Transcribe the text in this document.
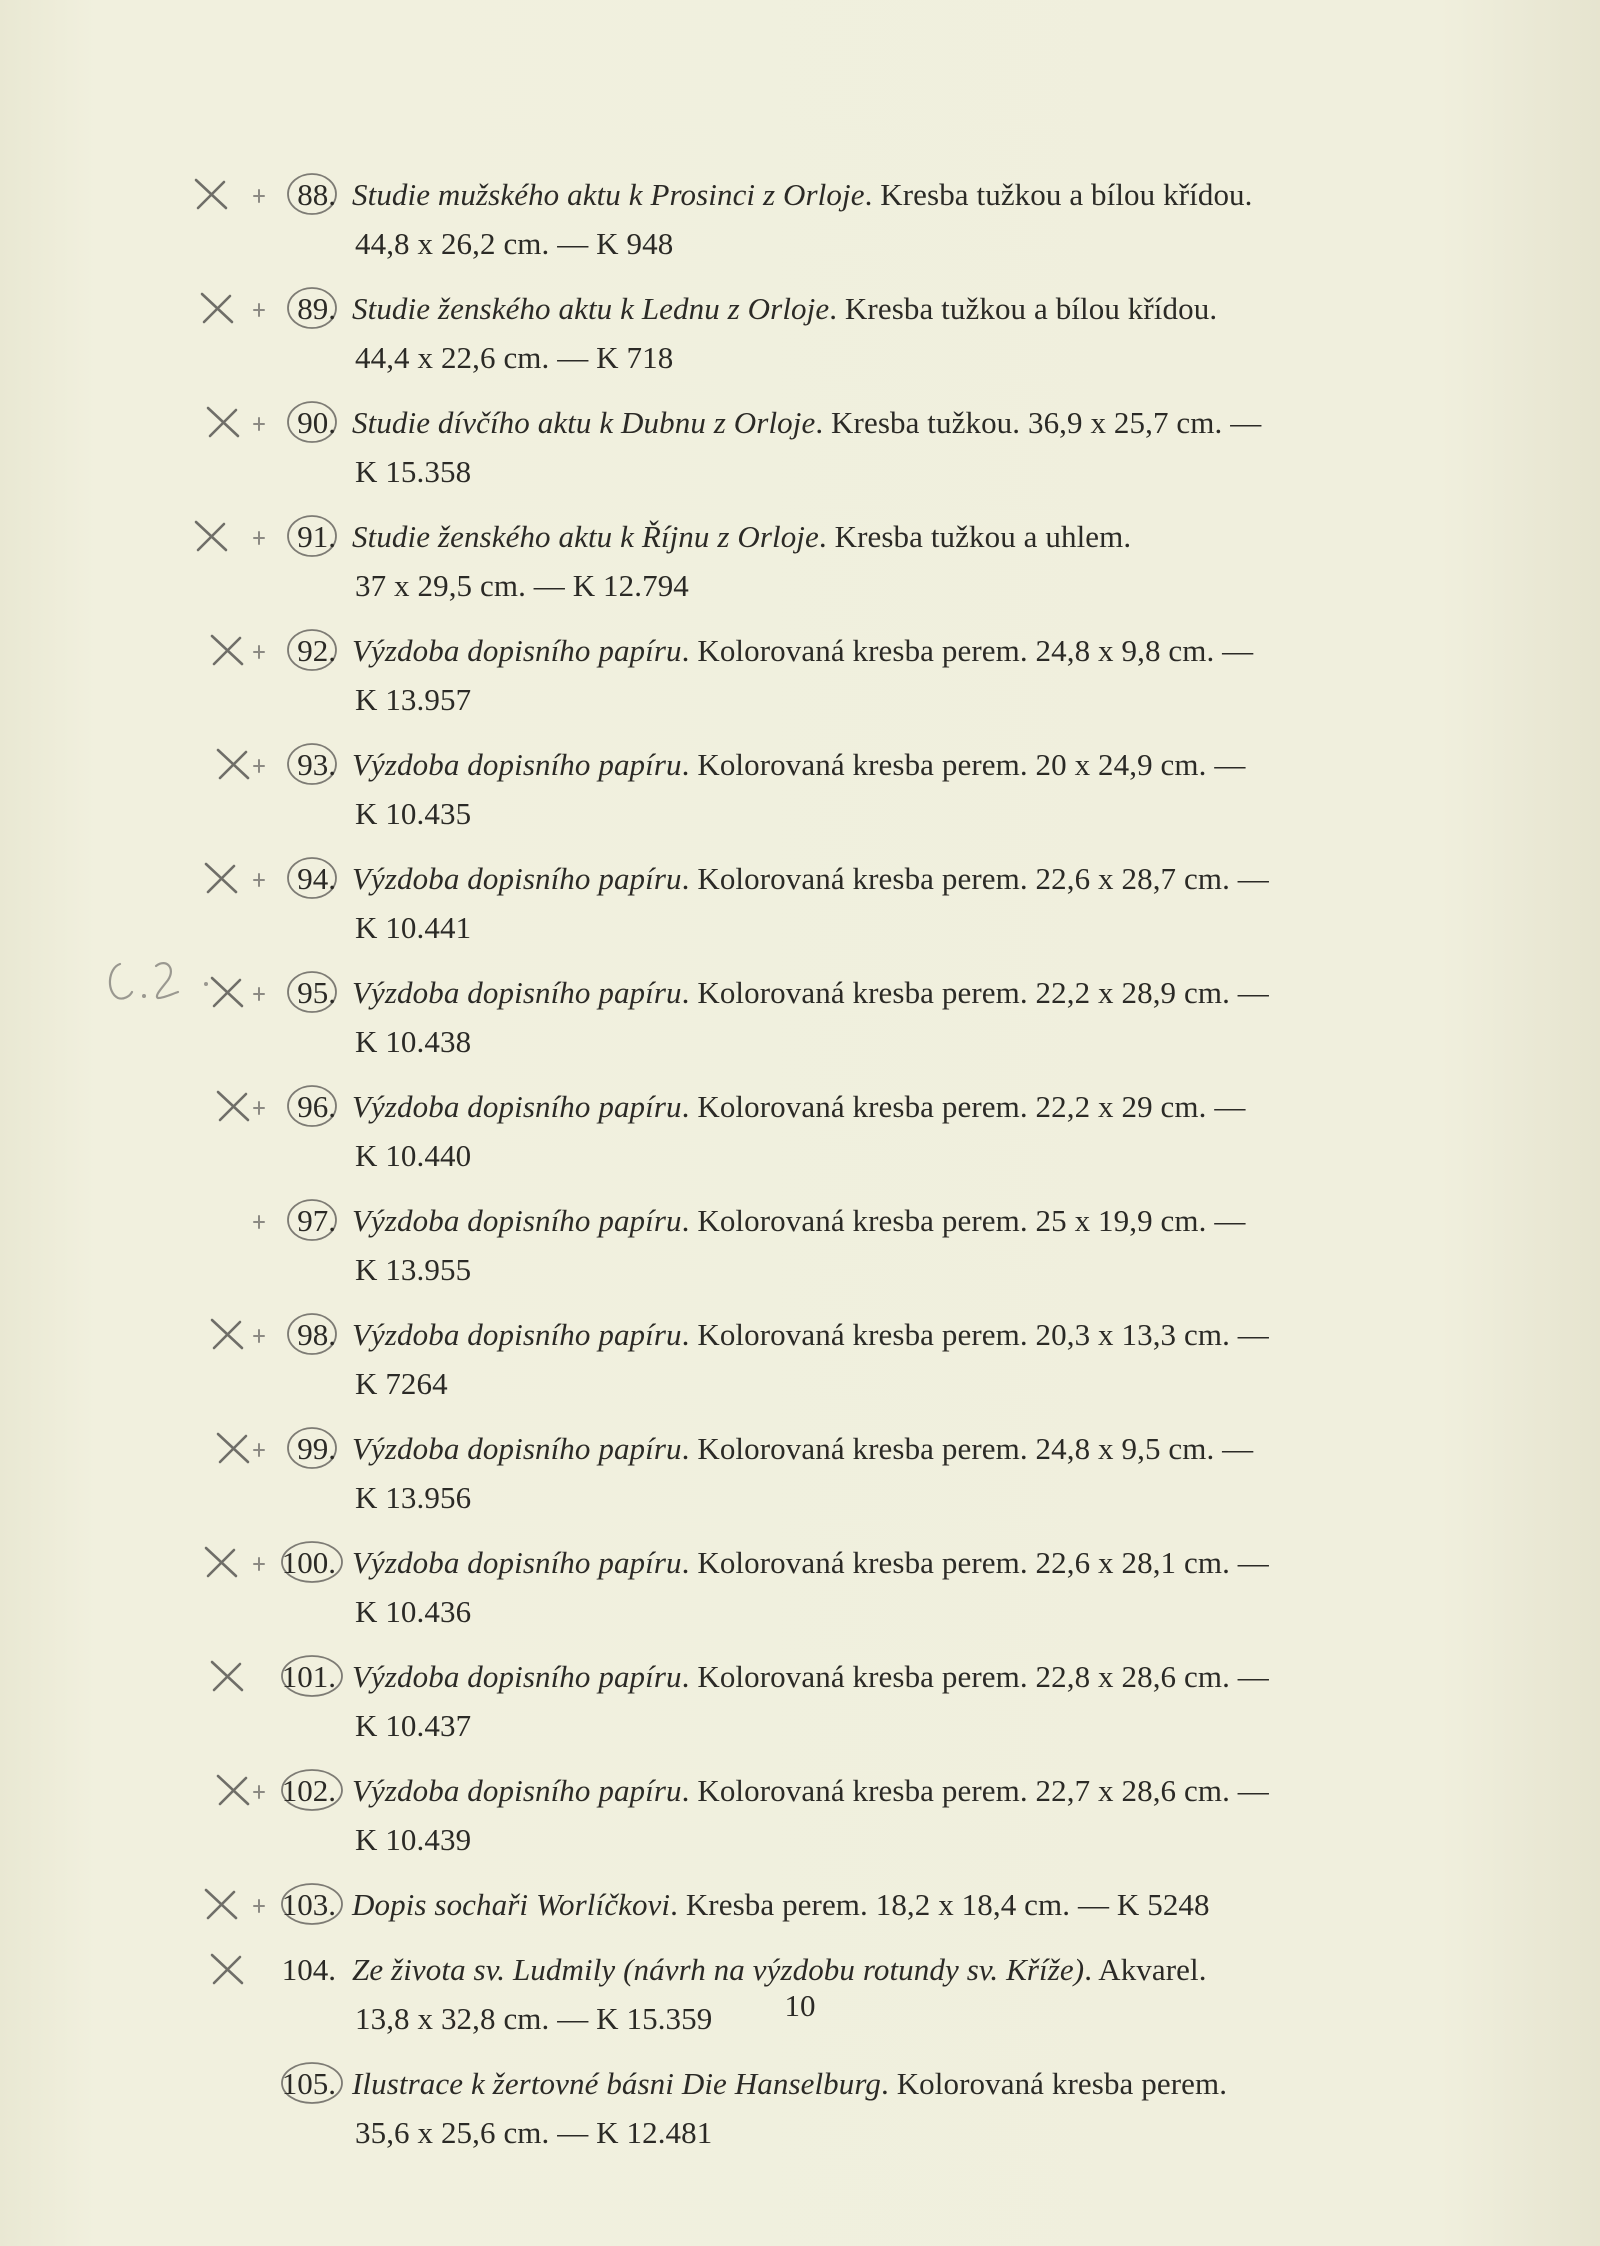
88. Studie mužského aktu k Prosinci z Orloje. Kresba tužkou a bílou křídou.
44,8 x 26,2 cm. — K 948
89. Studie ženského aktu k Lednu z Orloje. Kresba tužkou a bílou křídou.
44,4 x 22,6 cm. — K 718
90. Studie dívčího aktu k Dubnu z Orloje. Kresba tužkou. 36,9 x 25,7 cm. —
K 15.358
91. Studie ženského aktu k Říjnu z Orloje. Kresba tužkou a uhlem.
37 x 29,5 cm. — K 12.794
92. Výzdoba dopisního papíru. Kolorovaná kresba perem. 24,8 x 9,8 cm. —
K 13.957
93. Výzdoba dopisního papíru. Kolorovaná kresba perem. 20 x 24,9 cm. —
K 10.435
94. Výzdoba dopisního papíru. Kolorovaná kresba perem. 22,6 x 28,7 cm. —
K 10.441
95. Výzdoba dopisního papíru. Kolorovaná kresba perem. 22,2 x 28,9 cm. —
K 10.438
96. Výzdoba dopisního papíru. Kolorovaná kresba perem. 22,2 x 29 cm. —
K 10.440
97. Výzdoba dopisního papíru. Kolorovaná kresba perem. 25 x 19,9 cm. —
K 13.955
98. Výzdoba dopisního papíru. Kolorovaná kresba perem. 20,3 x 13,3 cm. —
K 7264
99. Výzdoba dopisního papíru. Kolorovaná kresba perem. 24,8 x 9,5 cm. —
K 13.956
100. Výzdoba dopisního papíru. Kolorovaná kresba perem. 22,6 x 28,1 cm. —
K 10.436
101. Výzdoba dopisního papíru. Kolorovaná kresba perem. 22,8 x 28,6 cm. —
K 10.437
102. Výzdoba dopisního papíru. Kolorovaná kresba perem. 22,7 x 28,6 cm. —
K 10.439
103. Dopis sochaři Worlíčkovi. Kresba perem. 18,2 x 18,4 cm. — K 5248
104. Ze života sv. Ludmily (návrh na výzdobu rotundy sv. Kříže). Akvarel.
13,8 x 32,8 cm. — K 15.359
105. Ilustrace k žertovné básni Die Hanselburg. Kolorovaná kresba perem.
35,6 x 25,6 cm. — K 12.481
10
